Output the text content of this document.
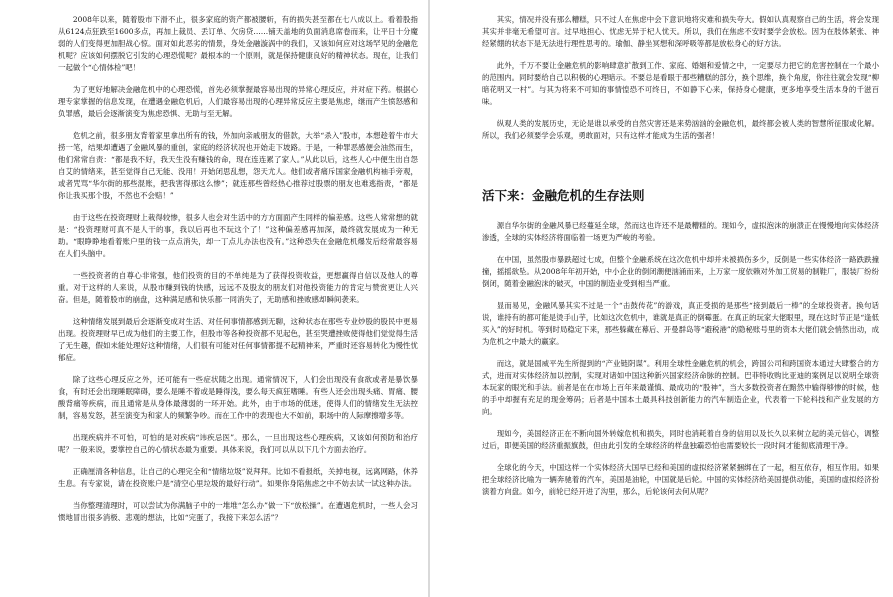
2008年以来，随着股市下滑不止，很多家庭的资产都被腰斩，有的损失甚至都在七八成以上。看着股指从6124点狂跌至1600多点，再加上裁员、丢订单、欠房贷……铺天盖地的负面消息席卷而来，让平日十分魔弱的人们变得更加胆战心惊。面对如此恶劣的情景，身处金融漩涡中的我们，又该如何应对这场罕见的金融危机呢？应该如何摆脱它引发的心理恐慌呢？最根本的一个原则，就是保持健康良好的精神状态。现在，让我们一起做个“心情体检”吧！

为了更好地解决金融危机中的心理恐慌，首先必须掌握最容易出现的异常心理反应，并对症下药。根据心理专家掌握的信息发现，在遭遇金融危机后，人们最容易出现的心理异常反应主要是焦虑，继而产生愤怒感和负罪感，最后会逐渐演变为焦虑恐惧、无助与至无解。

危机之前，很多朋友背着家里拿出所有的钱，外加向亲戚朋友的借款，大举“杀入”股市，本想趁着牛市大捞一笔，结果却遭遇了金融风暴的重创，家庭的经济状况也开始走下坡路。于是，一种罪恶感便会油然而生，他们常常自责：“都是我不好，我天生没有赚钱的命，现在连连累了家人。”从此以后，这些人心中便生出自怨自艾的情绪来，甚至觉得自己无能、没用！开始闭思乱想，怨天尤人。他们或者痛斥国家金融机构袖手旁观，或者咒骂“华尔街的那些混账，把我害得那这么惨”；就连那些曾经热心推荐过股票的朋友也难逃指责，“都是你让我买那个股，不然也不会赔！”

由于这些在投资理财上栽得较惨，很多人也会对生活中的方方面面产生同样的偏差感。这些人常常想的就是：“投资理财可真不是人干的事，我以后再也不玩这个了！”这种偏差感再加深，最终就发展成为一种无助。“眼睁睁地看着账户里的钱一点点消失，却一丁点儿办法也没有。”这种恐失在金融危机爆发后经常最容易在人们头脑中。

一些投资者的自尊心非常强，他们投资的目的不单纯是为了获得投资收益，更想赢得自信以及他人的尊重。对于这样的人来说，从股市赚到钱的快感，远远不及股友的朋友们对他投资能力的肯定与赞赏更让人兴奋。但是，随着股市的崩盘，这种满足感和快乐都一同消失了，无助感和挫败感却瞬间袭来。

这种情绪发展到最后会逐渐变成对生活、对任何事情都感到无聊，这种状态在那些专业炒股的股民中更易出现。投资理财早已成为他们的主要工作，但股市等各种投资都不见起色，甚至哭遭挫败使得他们觉觉得生活了无生趣，假如未能处理好这种情绪，人们很有可能对任何事情都提不起精神来，严重时还容易转化为慢性忧郁症。

除了这些心理反应之外，还可能有一些症状随之出现。通常情况下，人们会出现没有食欲或者是暴饮暴食，有时还会出现睡眠障碍，要么是睡不着或是睡得浅，要么每天疯狂嗜睡。有些人还会出现头痛、胃痛、腰酸背痛等疾病，而且通常是从身体最薄弱的一环开始。此外，由于市场的低迷，使得人们的情绪发生无法控制，容易发怒，甚至演变为和家人的频繁争吵。而在工作中的表现也大不如前，职场中的人际摩擦增多等。

出现疾病并不可怕，可怕的是对疾病“讳疾忌医”。那么，一旦出现这些心理疾病，又该如何预防和治疗呢？一般来说，要掌控自己的心情状态最为重要。具体来说，我们可以从以下几个方面去治疗。

正确厘清各种信息，让自己的心理完全和“情绪垃圾”说拜拜。比如不看报纸，关掉电视，远离网路，休养生息。有专家说，请在投资账户是“清空心里垃圾的最好行动”。如果你身陷焦虑之中不妨去试一试这种办法。

当你整理清理时，可以尝试为你满脑子中的一堆堆“怎么办”做一下“放松操”。在遭遇危机时，一些人会习惯地冒出很多消极、悲观的想法，比如“完蛋了，我接下来怎么活”？

其实，情况并没有那么糟糕，只不过人在焦虑中会下意识地将灾难和损失夸大。假如认真观察自己的生活，将会发现其实并非毫无希望可言。过早地担心、忧虑无异于杞人忧天。所以，我们在焦虑不安时要学会放松。因为在肢体紧张、神经紧绷的状态下是无法进行理性思考的。瑜伽、静坐冥想和深呼吸等都是放松身心的好方法。

此外，千万不要让金融危机的影响肆意扩散到工作、家庭、婚姻和爱情之中，一定要尽力把它的危害控制在一个最小的范围内。同时要给自己以积极的心理暗示。不要总是看眼于那些糟糕的部分，换个思维，换个角度，你往往就会发现“柳暗花明又一村”。与其为将来不可知的事情惶恐不可终日，不如静下心来，保持身心健康，更多地享受生活本身的千滋百味。

纵观人类的发展历史，无论是谁以承受的自然灾害还是来势汹汹的金融危机，最终都会被人类的智慧所征服或化解。所以，我们必须要学会乐观，勇敢面对，只有这样才能成为生活的强者！

活下来：金融危机的生存法则

源自华尔街的金融风暴已经蔓延全球，然而这也许还不是最糟糕的。现如今，虚拟泡沫的崩溃正在慢慢地向实体经济渗透，全球的实体经济将面临着一场更为严峻的考验。

在中国，虽然股市暴跌超过七成，但整个金融系统在这次危机中却并未被损伤多少，反倒是一些实体经济一路跌跌撞撞，摇摇欲坠。从2008年年初开始，中小企业的倒闭潮便汹涌而来，上万家一度依赖对外加工贸易的制鞋厂，服装厂纷纷倒闭，随着金融泡沫的破灭，中国的制造业受到相当严重。

显而易见，金融风暴其实不过是一个“击鼓传花”的游戏，真正受损的是那些“接到最后一棒”的全球投资者。换句话说，谁持有的都可能是烫手山芋，比如这次危机中，谁就是真正的倒霉蛋。在真正的玩家大佬眼里，现在这时节正是“逢低买入”的好时机。等到时局稳定下来，那些躲藏在幕后、开曼群岛等“避税港”的隐秘账号里的资本大佬们就会悄然出动，成为危机之中最大的赢家。

而这，就是国威平先生所提到的“产业链阴谋”。利用全球性金融危机的机会，跨国公司和跨国资本通过大肆整合的方式，进而对实体经济加以控制，实现对诸如中国这种新兴国家经济命脉的控制。巴菲特收购比亚迪的案例足以说明全球资本玩家的眼光和手法。前者是在在市场上百年来最谨慎、最成功的“股神”，当大多数投资者在黯然中输得够惨的时候，他的手中却握有充足的现金筹码；后者是中国本土最具科技创新能力的汽车制造企业，代表着一下轮科技和产业发展的方向。

现如今，美国经济正在不断向国外转嫁危机和损失，同时也消耗着自身的信用以及长久以来树立起的美元信心，调整过后，即便美国的经济重振旗鼓，但由此引发的全球经济的样盘独霸恐怕也需要较长一段时间才能彻底清理干净。

全球化的今天，中国这样一个实体经济大国早已经和美国的虚拟经济紧紧捆绑在了一起，相互依存，相互作用。如果把全球经济比喻为一辆奔驰着的汽车，美国是油轮，中国就是后轮。中国的实体经济给美国提供动能，美国的虚拟经济扮演着方向盘。如今，前轮已经开进了沟里，那么，后轮该何去何从呢？
